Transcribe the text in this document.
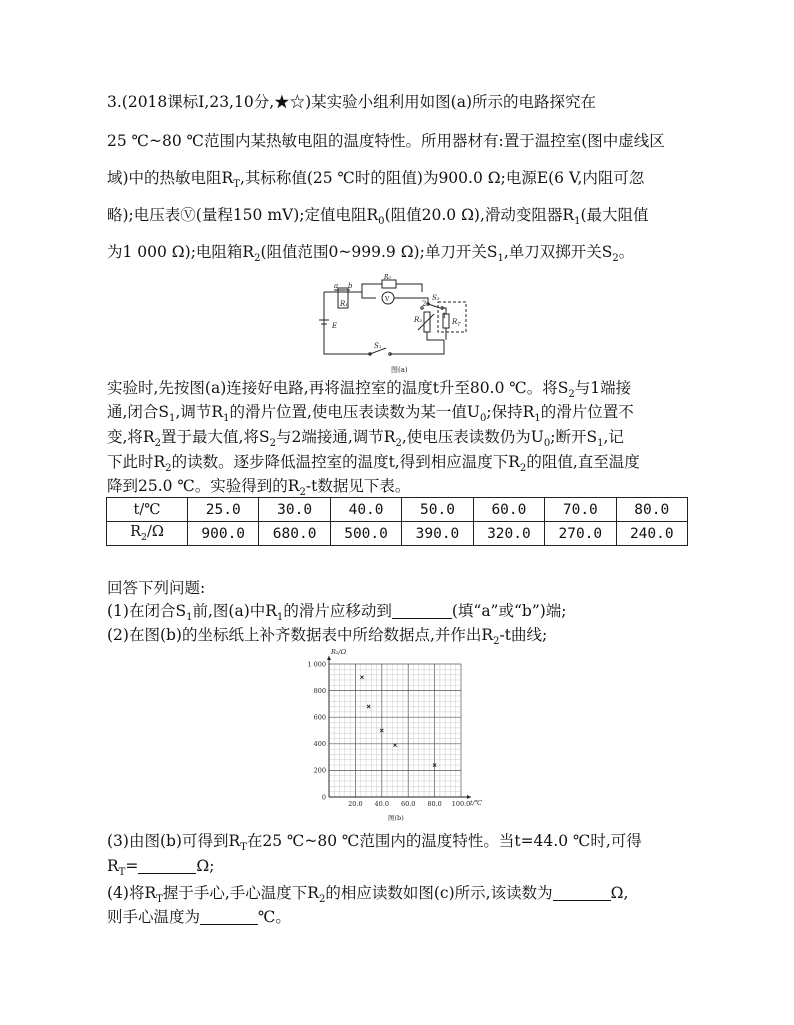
3.(2018课标Ⅰ,23,10分,★☆)某实验小组利用如图(a)所示的电路探究在
25 ℃~80 ℃范围内某热敏电阻的温度特性。所用器材有:置于温控室(图中虚线区
域)中的热敏电阻$R_T$,其标称值(25 ℃时的阻值)为900.0 Ω;电源E(6 V,内阻可忽
略);电压表Ⓥ(量程150 mV);定值电阻$R_0$(阻值20.0 Ω),滑动变阻器$R_1$(最大阻值
为1 000 Ω);电阻箱$R_2$(阻值范围0~999.9 Ω);单刀开关$S_1$,单刀双掷开关$S_2$。
a b
R₁
R₀
V
E
S₁
S₂
R₂	$R_T$
2
1
图(a)
实验时,先按图(a)连接好电路,再将温控室的温度t升至80.0 ℃。将$S_2$与1端接
通,闭合$S_1$,调节$R_1$的滑片位置,使电压表读数为某一值$U_0$;保持$R_1$的滑片位置不
变,将$R_2$置于最大值,将$S_2$与2端接通,调节$R_2$,使电压表读数仍为$U_0$;断开$S_1$,记
下此时$R_2$的读数。逐步降低温控室的温度t,得到相应温度下$R_2$的阻值,直至温度
降到25.0 ℃。实验得到的$R_2-t$数据见下表。
t/℃	25.0	30.0	40.0	50.0	60.0	70.0	80.0
$R_2/\Omega$	900.0	680.0	500.0	390.0	320.0	270.0	240.0
回答下列问题:
(1)在闭合$S_1$前,图(a)中$R_1$的滑片应移动到	(填“a”或“b”)端;
(2)在图(b)的坐标纸上补齐数据表中所给数据点,并作出$R_2-t$曲线;
20.0 40.0 60.0 80.0 100.0
0
200
400
600
800
1 000
R₂/Ω
t/℃
图(b)
(3)由图(b)可得到$R_T$在25 ℃~80 ℃范围内的温度特性。当t=44.0 ℃时,可得
$R_T=$	Ω;
(4)将$R_T$握于手心,手心温度下$R_2$的相应读数如图(c)所示,该读数为	Ω,
则手心温度为	℃。
